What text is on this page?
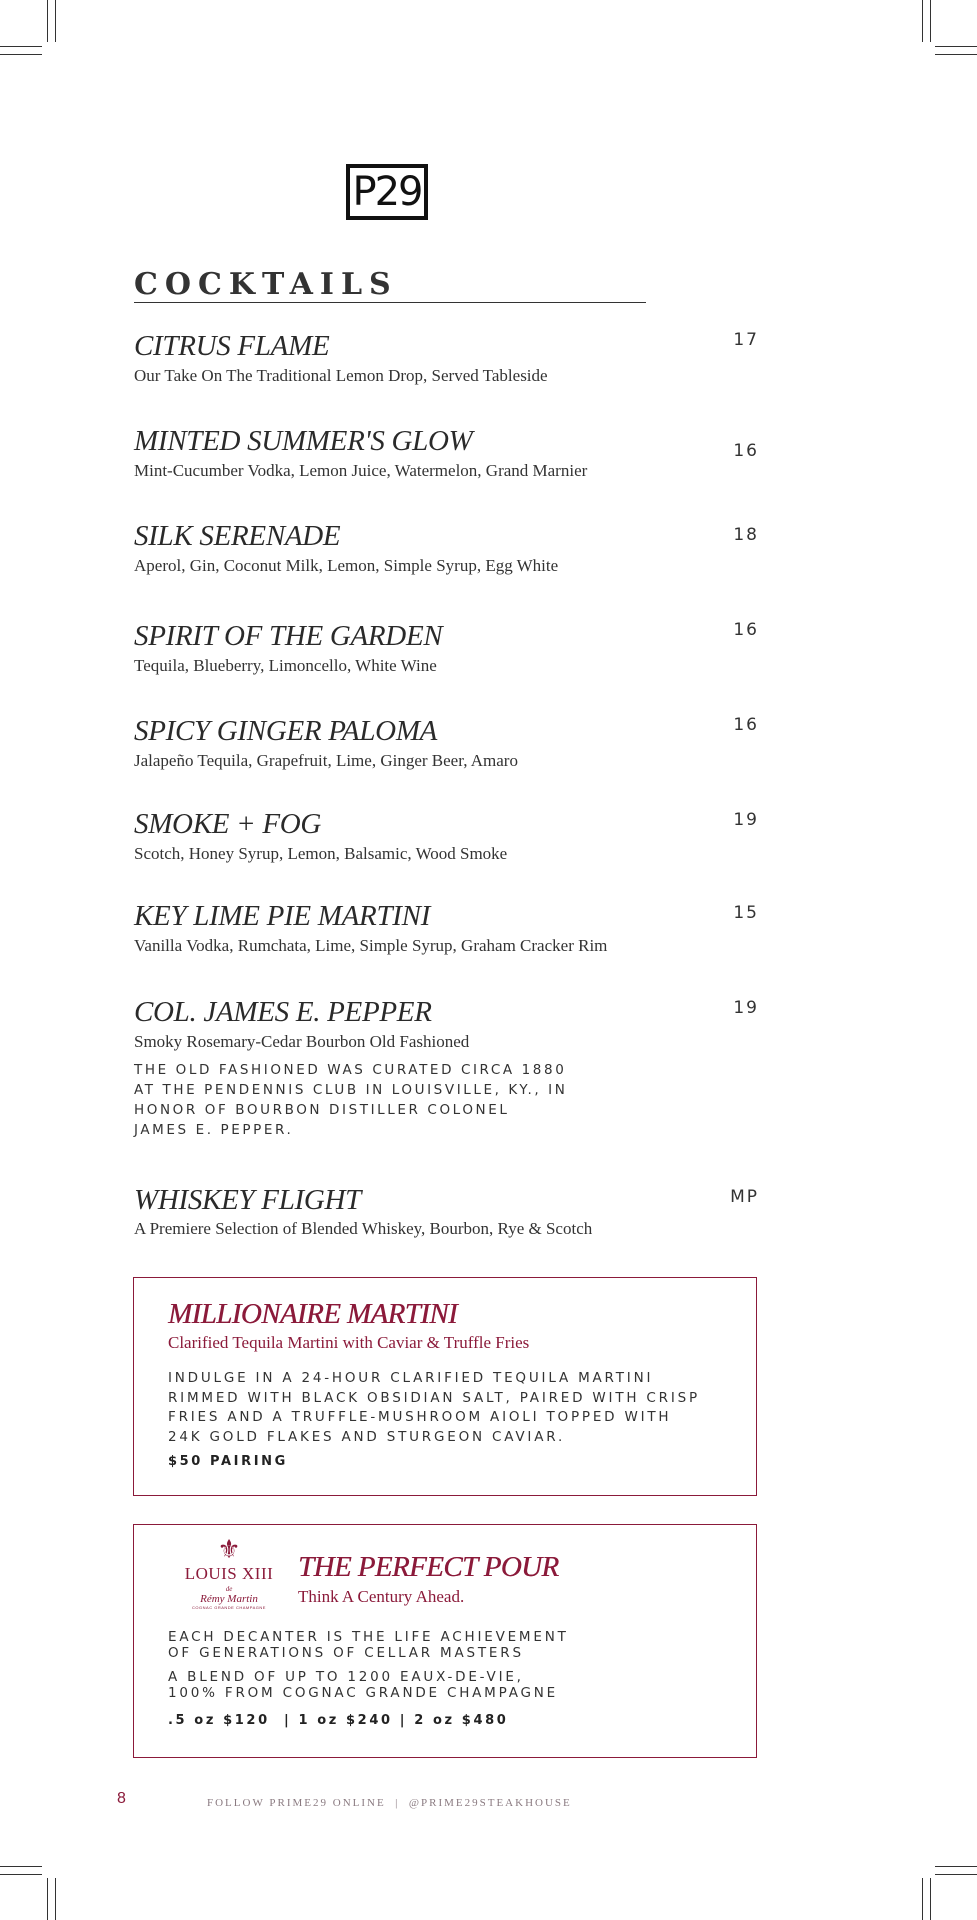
P29
COCKTAILS
CITRUS FLAME
Our Take On The Traditional Lemon Drop, Served Tableside
17
MINTED SUMMER'S GLOW
Mint-Cucumber Vodka, Lemon Juice, Watermelon, Grand Marnier
16
SILK SERENADE
Aperol, Gin, Coconut Milk, Lemon, Simple Syrup, Egg White
18
SPIRIT OF THE GARDEN
Tequila, Blueberry, Limoncello, White Wine
16
SPICY GINGER PALOMA
Jalapeño Tequila, Grapefruit, Lime, Ginger Beer, Amaro
16
SMOKE + FOG
Scotch, Honey Syrup, Lemon, Balsamic, Wood Smoke
19
KEY LIME PIE MARTINI
Vanilla Vodka, Rumchata, Lime, Simple Syrup, Graham Cracker Rim
15
COL. JAMES E. PEPPER
Smoky Rosemary-Cedar Bourbon Old Fashioned
19
THE OLD FASHIONED WAS CURATED CIRCA 1880
AT THE PENDENNIS CLUB IN LOUISVILLE, KY., IN
HONOR OF BOURBON DISTILLER COLONEL
JAMES E. PEPPER.
WHISKEY FLIGHT
A Premiere Selection of Blended Whiskey, Bourbon, Rye & Scotch
MP
MILLIONAIRE MARTINI
Clarified Tequila Martini with Caviar & Truffle Fries
INDULGE IN A 24-HOUR CLARIFIED TEQUILA MARTINI
RIMMED WITH BLACK OBSIDIAN SALT, PAIRED WITH CRISP
FRIES AND A TRUFFLE-MUSHROOM AIOLI TOPPED WITH
24K GOLD FLAKES AND STURGEON CAVIAR.
$50 PAIRING
⚜
LOUIS XIII
de
Rémy Martin
COGNAC GRANDE CHAMPAGNE
THE PERFECT POUR
Think A Century Ahead.
EACH DECANTER IS THE LIFE ACHIEVEMENT
OF GENERATIONS OF CELLAR MASTERS
A BLEND OF UP TO 1200 EAUX-DE-VIE,
100% FROM COGNAC GRANDE CHAMPAGNE
.5 oz $120  | 1 oz $240 | 2 oz $480
8	FOLLOW PRIME29 ONLINE  |  @PRIME29STEAKHOUSE
